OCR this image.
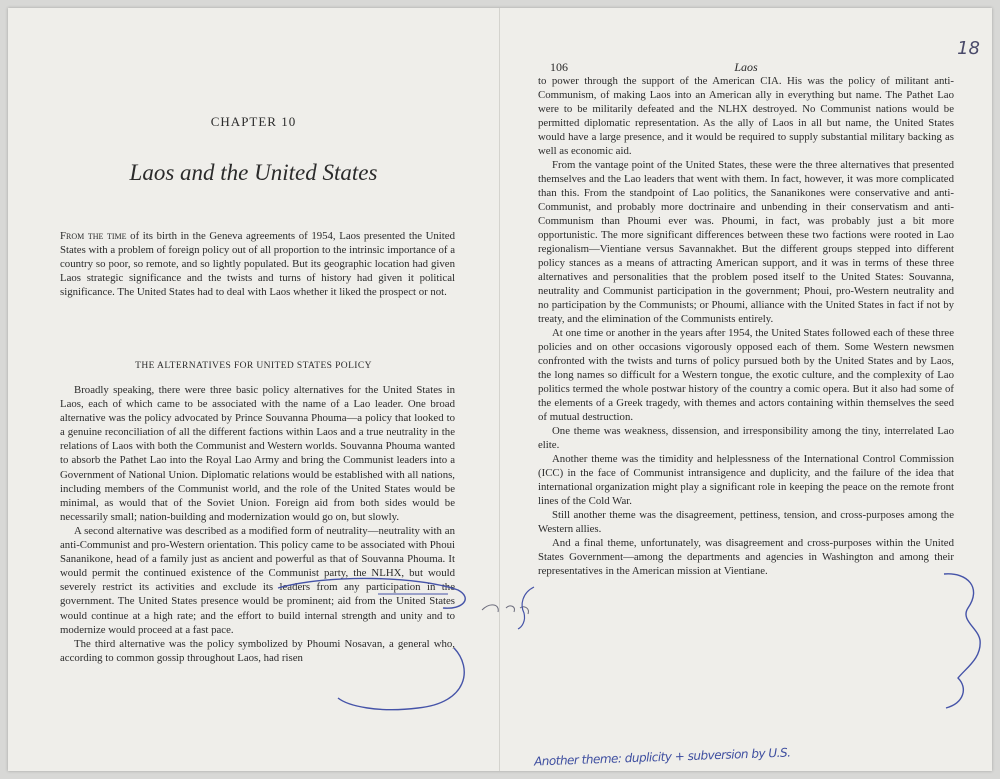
CHAPTER 10
Laos and the United States

From the time of its birth in the Geneva agreements of 1954, Laos presented the United States with a problem of foreign policy out of all proportion to the intrinsic importance of a country so poor, so remote, and so lightly populated. But its geographic location had given Laos strategic significance and the twists and turns of history had given it political significance. The United States had to deal with Laos whether it liked the prospect or not.

THE ALTERNATIVES FOR UNITED STATES POLICY

Broadly speaking, there were three basic policy alternatives for the United States in Laos, each of which came to be associated with the name of a Lao leader. One broad alternative was the policy advocated by Prince Souvanna Phouma—a policy that looked to a genuine reconciliation of all the different factions within Laos and a true neutrality in the relations of Laos with both the Communist and Western worlds. Souvanna Phouma wanted to absorb the Pathet Lao into the Royal Lao Army and bring the Communist leaders into a Government of National Union. Diplomatic relations would be established with all nations, including members of the Communist world, and the role of the United States would be minimal, as would that of the Soviet Union. Foreign aid from both sides would be necessarily small; nation-building and modernization would go on, but slowly.

A second alternative was described as a modified form of neutrality—neutrality with an anti-Communist and pro-Western orientation. This policy came to be associated with Phoui Sananikone, head of a family just as ancient and powerful as that of Souvanna Phouma. It would permit the continued existence of the Communist party, the NLHX, but would severely restrict its activities and exclude its leaders from any participation in the government. The United States presence would be prominent; aid from the United States would continue at a high rate; and the effort to build internal strength and unity and to modernize would proceed at a fast pace.

The third alternative was the policy symbolized by Phoumi Nosavan, a general who, according to common gossip throughout Laos, had risen

106	Laos

to power through the support of the American CIA. His was the policy of militant anti-Communism, of making Laos into an American ally in everything but name. The Pathet Lao were to be militarily defeated and the NLHX destroyed. No Communist nations would be permitted diplomatic representation. As the ally of Laos in all but name, the United States would have a large presence, and it would be required to supply substantial military backing as well as economic aid.

From the vantage point of the United States, these were the three alternatives that presented themselves and the Lao leaders that went with them. In fact, however, it was more complicated than this. From the standpoint of Lao politics, the Sananikones were conservative and anti-Communist, and probably more doctrinaire and unbending in their conservatism and anti-Communism than Phoumi ever was. Phoumi, in fact, was probably just a bit more opportunistic. The more significant differences between these two factions were rooted in Lao regionalism—Vientiane versus Savannakhet. But the different groups stepped into different policy stances as a means of attracting American support, and it was in terms of these three alternatives and personalities that the problem posed itself to the United States: Souvanna, neutrality and Communist participation in the government; Phoui, pro-Western neutrality and no participation by the Communists; or Phoumi, alliance with the United States in fact if not by treaty, and the elimination of the Communists entirely.

At one time or another in the years after 1954, the United States followed each of these three policies and on other occasions vigorously opposed each of them. Some Western newsmen confronted with the twists and turns of policy pursued both by the United States and by Laos, the long names so difficult for a Western tongue, the exotic culture, and the complexity of Lao politics termed the whole postwar history of the country a comic opera. But it also had some of the elements of a Greek tragedy, with themes and actors containing within themselves the seed of mutual destruction.

One theme was weakness, dissension, and irresponsibility among the tiny, interrelated Lao elite.

Another theme was the timidity and helplessness of the International Control Commission (ICC) in the face of Communist intransigence and duplicity, and the failure of the idea that international organization might play a significant role in keeping the peace on the remote front lines of the Cold War.

Still another theme was the disagreement, pettiness, tension, and cross-purposes among the Western allies.

And a final theme, unfortunately, was disagreement and cross-purposes within the United States Government—among the departments and agencies in Washington and among their representatives in the American mission at Vientiane.

18
Another theme: duplicity + subversion by U.S.
